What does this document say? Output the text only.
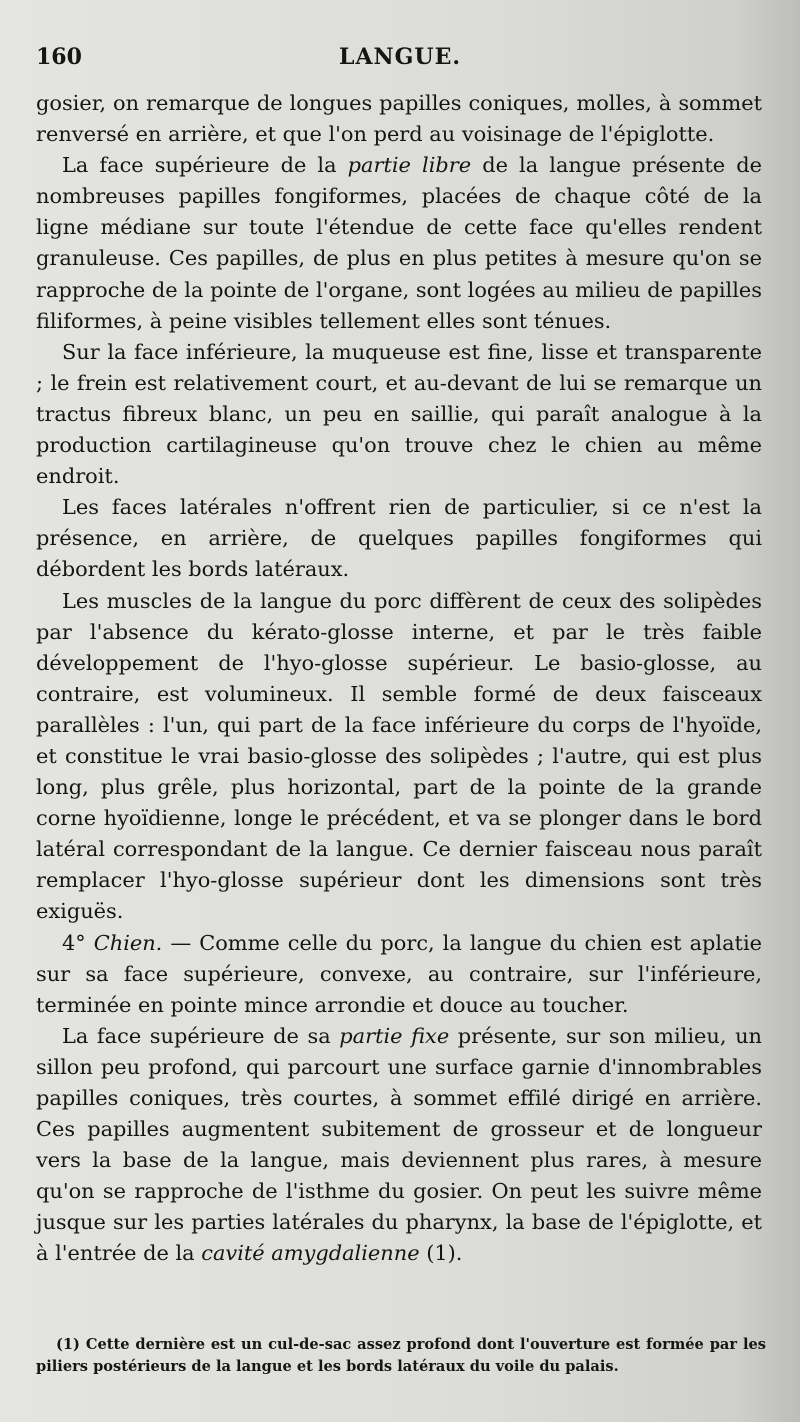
160	LANGUE.

gosier, on remarque de longues papilles coniques, molles, à sommet renversé en arrière, et que l'on perd au voisinage de l'épiglotte.

La face supérieure de la partie libre de la langue présente de nombreuses papilles fongiformes, placées de chaque côté de la ligne médiane sur toute l'étendue de cette face qu'elles rendent granuleuse. Ces papilles, de plus en plus petites à mesure qu'on se rapproche de la pointe de l'organe, sont logées au milieu de papilles filiformes, à peine visibles tellement elles sont ténues.

Sur la face inférieure, la muqueuse est fine, lisse et transparente ; le frein est relativement court, et au-devant de lui se remarque un tractus fibreux blanc, un peu en saillie, qui paraît analogue à la production cartilagineuse qu'on trouve chez le chien au même endroit.

Les faces latérales n'offrent rien de particulier, si ce n'est la présence, en arrière, de quelques papilles fongiformes qui débordent les bords latéraux.

Les muscles de la langue du porc diffèrent de ceux des solipèdes par l'absence du kérato-glosse interne, et par le très faible développement de l'hyo-glosse supérieur. Le basio-glosse, au contraire, est volumineux. Il semble formé de deux faisceaux parallèles : l'un, qui part de la face inférieure du corps de l'hyoïde, et constitue le vrai basio-glosse des solipèdes ; l'autre, qui est plus long, plus grêle, plus horizontal, part de la pointe de la grande corne hyoïdienne, longe le précédent, et va se plonger dans le bord latéral correspondant de la langue. Ce dernier faisceau nous paraît remplacer l'hyo-glosse supérieur dont les dimensions sont très exiguës.

4° Chien. — Comme celle du porc, la langue du chien est aplatie sur sa face supérieure, convexe, au contraire, sur l'inférieure, terminée en pointe mince arrondie et douce au toucher.

La face supérieure de sa partie fixe présente, sur son milieu, un sillon peu profond, qui parcourt une surface garnie d'innombrables papilles coniques, très courtes, à sommet effilé dirigé en arrière. Ces papilles augmentent subitement de grosseur et de longueur vers la base de la langue, mais deviennent plus rares, à mesure qu'on se rapproche de l'isthme du gosier. On peut les suivre même jusque sur les parties latérales du pharynx, la base de l'épiglotte, et à l'entrée de la cavité amygdalienne (1).

(1) Cette dernière est un cul-de-sac assez profond dont l'ouverture est formée par les piliers postérieurs de la langue et les bords latéraux du voile du palais.
